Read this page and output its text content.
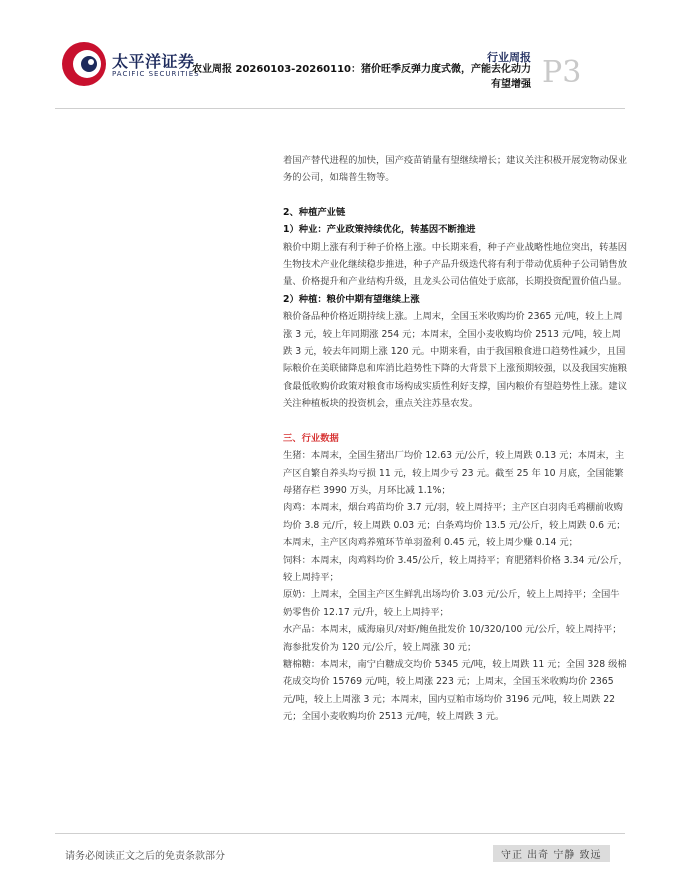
太平洋证券
PACIFIC SECURITIES
行业周报
农业周报 20260103-20260110：猪价旺季反弹力度式微，产能去化动力有望增强 P3

着国产替代进程的加快，国产疫苗销量有望继续增长；建议关注积极开展宠物动保业务的公司，如瑞普生物等。

2、种植产业链

1）种业：产业政策持续优化，转基因不断推进

粮价中期上涨有利于种子价格上涨。中长期来看，种子产业战略性地位突出，转基因生物技术产业化继续稳步推进，种子产品升级迭代将有利于带动优质种子公司销售放量、价格提升和产业结构升级，且龙头公司估值处于底部，长期投资配置价值凸显。

2）种植：粮价中期有望继续上涨

粮价备品种价格近期持续上涨。上周末，全国玉米收购均价 2365 元/吨，较上上周涨 3 元，较上年同期涨 254 元；本周末，全国小麦收购均价 2513 元/吨，较上周跌 3 元，较去年同期上涨 120 元。中期来看，由于我国粮食进口趋势性减少，且国际粮价在美联储降息和库消比趋势性下降的大背景下上涨预期较强，以及我国实施粮食最低收购价政策对粮食市场构成实质性利好支撑，国内粮价有望趋势性上涨。建议关注种植板块的投资机会，重点关注苏垦农发。

三、行业数据

生猪：本周末，全国生猪出厂均价 12.63 元/公斤，较上周跌 0.13 元；本周末，主产区自繁自养头均亏损 11 元，较上周少亏 23 元。截至 25 年 10 月底，全国能繁母猪存栏 3990 万头，月环比减 1.1%；

肉鸡：本周末，烟台鸡苗均价 3.7 元/羽，较上周持平；主产区白羽肉毛鸡棚前收购均价 3.8 元/斤，较上周跌 0.03 元；白条鸡均价 13.5 元/公斤，较上周跌 0.6 元；本周末，主产区肉鸡养殖环节单羽盈利 0.45 元，较上周少赚 0.14 元；

饲料：本周末，肉鸡料均价 3.45/公斤，较上周持平；育肥猪料价格 3.34 元/公斤，较上周持平；

原奶：上周末，全国主产区生鲜乳出场均价 3.03 元/公斤，较上上周持平；全国牛奶零售价 12.17 元/升，较上上周持平；

水产品：本周末，威海扇贝/对虾/鲍鱼批发价 10/320/100 元/公斤，较上周持平；海参批发价为 120 元/公斤，较上周涨 30 元；

糖棉糖：本周末，南宁白糖成交均价 5345 元/吨，较上周跌 11 元；全国 328 级棉花成交均价 15769 元/吨，较上周涨 223 元；上周末，全国玉米收购均价 2365 元/吨，较上上周涨 3 元；本周末，国内豆粕市场均价 3196 元/吨，较上周跌 22 元；全国小麦收购均价 2513 元/吨，较上周跌 3 元。

请务必阅读正文之后的免责条款部分	守正 出奇 宁静 致远
